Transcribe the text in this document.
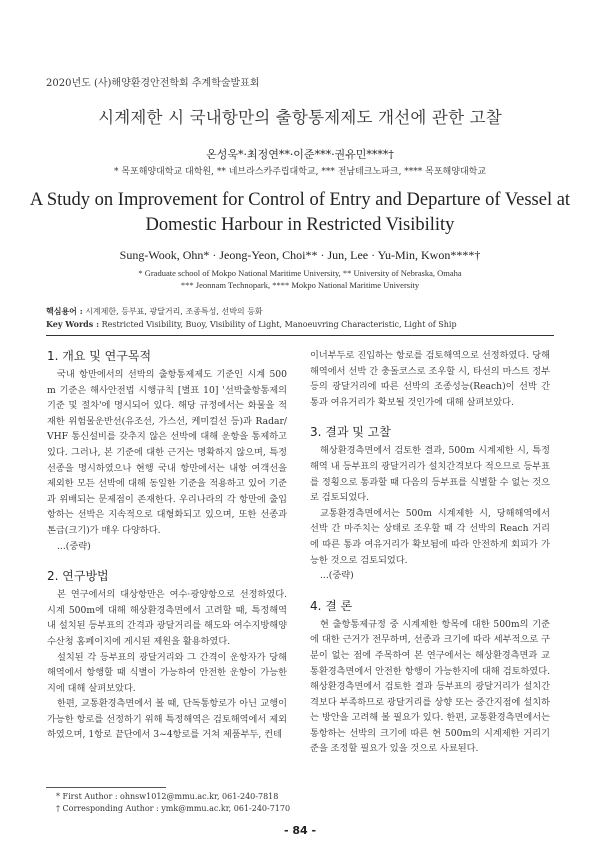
2020년도 (사)해양환경안전학회 추계학술발표회
시계제한 시 국내항만의 출항통제제도 개선에 관한 고찰
온성욱*·최정연**·이준***·권유민****†
* 목포해양대학교 대학원, ** 네브라스카주립대학교, *** 전남테크노파크, **** 목포해양대학교
A Study on Improvement for Control of Entry and Departure of Vessel at
Domestic Harbour in Restricted Visibility
Sung-Wook, Ohn* · Jeong-Yeon, Choi** · Jun, Lee · Yu-Min, Kwon****†
* Graduate school of Mokpo National Maritime University, ** University of Nebraska, Omaha
*** Jeonnam Technopark, **** Mokpo National Maritime University
핵심용어 : 시계제한, 등부표, 광달거리, 조종특성, 선박의 등화
Key Words : Restricted Visibility, Buoy, Visibility of Light, Manoeuvring Characteristic, Light of Ship
1. 개요 및 연구목적

국내 항만에서의 선박의 출항통제제도 기준인 시계 500m 기준은 해사안전법 시행규칙 [별표 10] '선박출항통제의 기준 및 절차'에 명시되어 있다. 해당 규정에서는 화물을 적재한 위험물운반선(유조선, 가스선, 케미컬선 등)과 Radar/VHF 통신설비를 갖추지 않은 선박에 대해 운항을 통제하고 있다. 그러나, 본 기준에 대한 근거는 명확하지 않으며, 특정 선종을 명시하였으나 현행 국내 항만에서는 내항 여객선을 제외한 모든 선박에 대해 동일한 기준을 적용하고 있어 기준과 위배되는 문제점이 존재한다. 우리나라의 각 항만에 출입항하는 선박은 지속적으로 대형화되고 있으며, 또한 선종과 톤급(크기)가 매우 다양하다.

...(중략)

2. 연구방법

본 연구에서의 대상항만은 여수·광양항으로 선정하였다. 시계 500m에 대해 해상환경측면에서 고려할 때, 특정해역 내 설치된 등부표의 간격과 광달거리를 해도와 여수지방해양수산청 홈페이지에 게시된 제원을 활용하였다.

설치된 각 등부표의 광달거리와 그 간격이 운항자가 당해해역에서 항행할 때 식별이 가능하여 안전한 운항이 가능한지에 대해 살펴보았다.

한편, 교통환경측면에서 볼 때, 단독통항로가 아닌 교행이 가능한 항로를 선정하기 위해 특정해역은 검토해역에서 제외하였으며, 1항로 끝단에서 3~4항로를 거쳐 제품부두, 컨테

이너부두로 진입하는 항로를 검토해역으로 선정하였다. 당해해역에서 선박 간 충돌코스로 조우할 시, 타선의 마스트 정부등의 광달거리에 따른 선박의 조종성능(Reach)이 선박 간 통과 여유거리가 확보될 것인가에 대해 살펴보았다.

3. 결과 및 고찰

해상환경측면에서 검토한 결과, 500m 시계제한 시, 특정해역 내 등부표의 광달거리가 설치간격보다 적으므로 등부표를 정횡으로 통과할 때 다음의 등부표를 식별할 수 없는 것으로 검토되었다.

교통환경측면에서는 500m 시계제한 시, 당해해역에서 선박 간 마주치는 상태로 조우할 때 각 선박의 Reach 거리에 따른 통과 여유거리가 확보됨에 따라 안전하게 회피가 가능한 것으로 검토되었다.

...(중략)

4. 결 론

현 출항통제규정 중 시계제한 항목에 대한 500m의 기준에 대한 근거가 전무하며, 선종과 크기에 따라 세부적으로 구분이 없는 점에 주목하여 본 연구에서는 해상환경측면과 교통환경측면에서 안전한 항행이 가능한지에 대해 검토하였다. 해상환경측면에서 검토한 결과 등부표의 광달거리가 설치간격보다 부족하므로 광달거리를 상향 또는 중간지점에 설치하는 방안을 고려해 볼 필요가 있다. 한편, 교통환경측면에서는 통항하는 선박의 크기에 따른 현 500m의 시계제한 거리기준을 조정할 필요가 있을 것으로 사료된다.

* First Author : ohnsw1012@mmu.ac.kr, 061-240-7818
† Corresponding Author : ymk@mmu.ac.kr, 061-240-7170
- 84 -
